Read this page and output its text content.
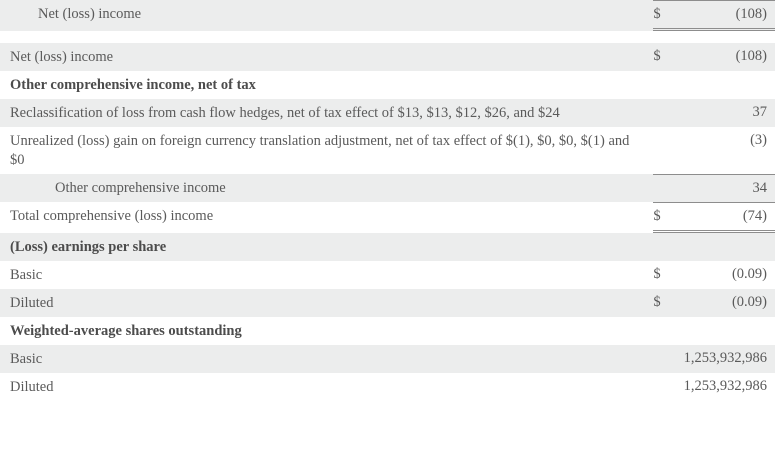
Net (loss) income	$	(108)

Net (loss) income	$	(108)

Other comprehensive income, net of tax		

Reclassification of loss from cash flow hedges, net of tax effect of $13, $13, $12, $26, and $24		37

Unrealized (loss) gain on foreign currency translation adjustment, net of tax effect of $(1), $0, $0, $(1) and $0		(3)

Other comprehensive income		34

Total comprehensive (loss) income	$	(74)

(Loss) earnings per share		

Basic	$	(0.09)

Diluted	$	(0.09)

Weighted-average shares outstanding		

Basic		1,253,932,986

Diluted		1,253,932,986
